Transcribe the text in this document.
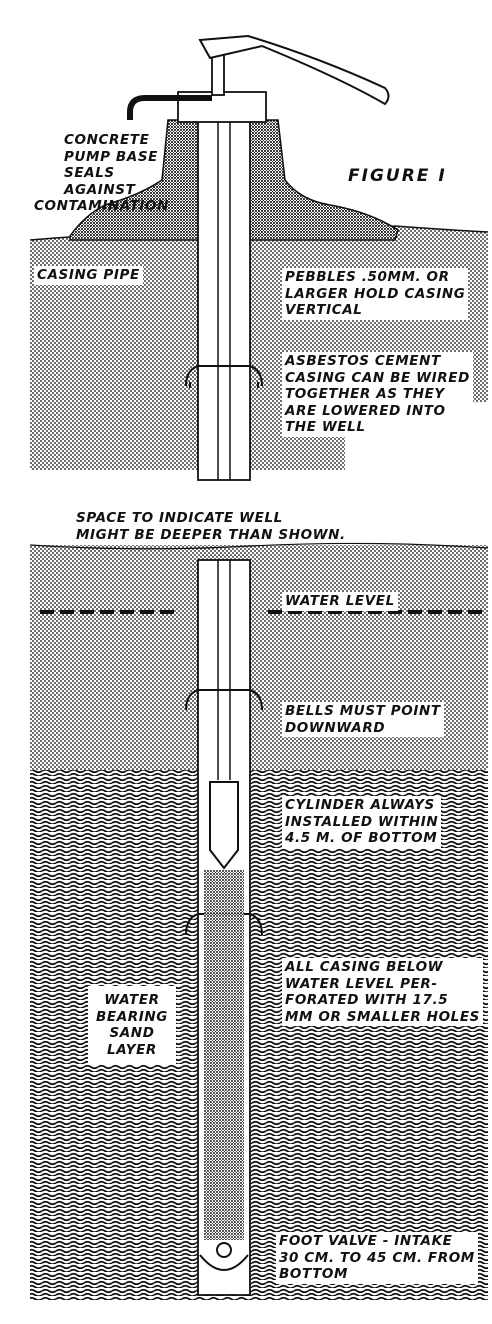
FIGURE I
CONCRETE
PUMP BASE
SEALS
AGAINST
CONTAMINATION
CASING PIPE	PEBBLES .50MM. OR
LARGER HOLD CASING
VERTICAL
ASBESTOS CEMENT
CASING CAN BE WIRED
TOGETHER AS THEY
ARE LOWERED INTO
THE WELL
SPACE TO INDICATE WELL
MIGHT BE DEEPER THAN SHOWN.
WATER LEVEL
BELLS MUST POINT
DOWNWARD
CYLINDER ALWAYS
INSTALLED WITHIN
4.5 M. OF BOTTOM
ALL CASING BELOW
WATER LEVEL PER-
FORATED WITH 17.5
MM OR SMALLER HOLES
WATER
BEARING
SAND
LAYER
FOOT VALVE - INTAKE
30 CM. TO 45 CM. FROM
BOTTOM
